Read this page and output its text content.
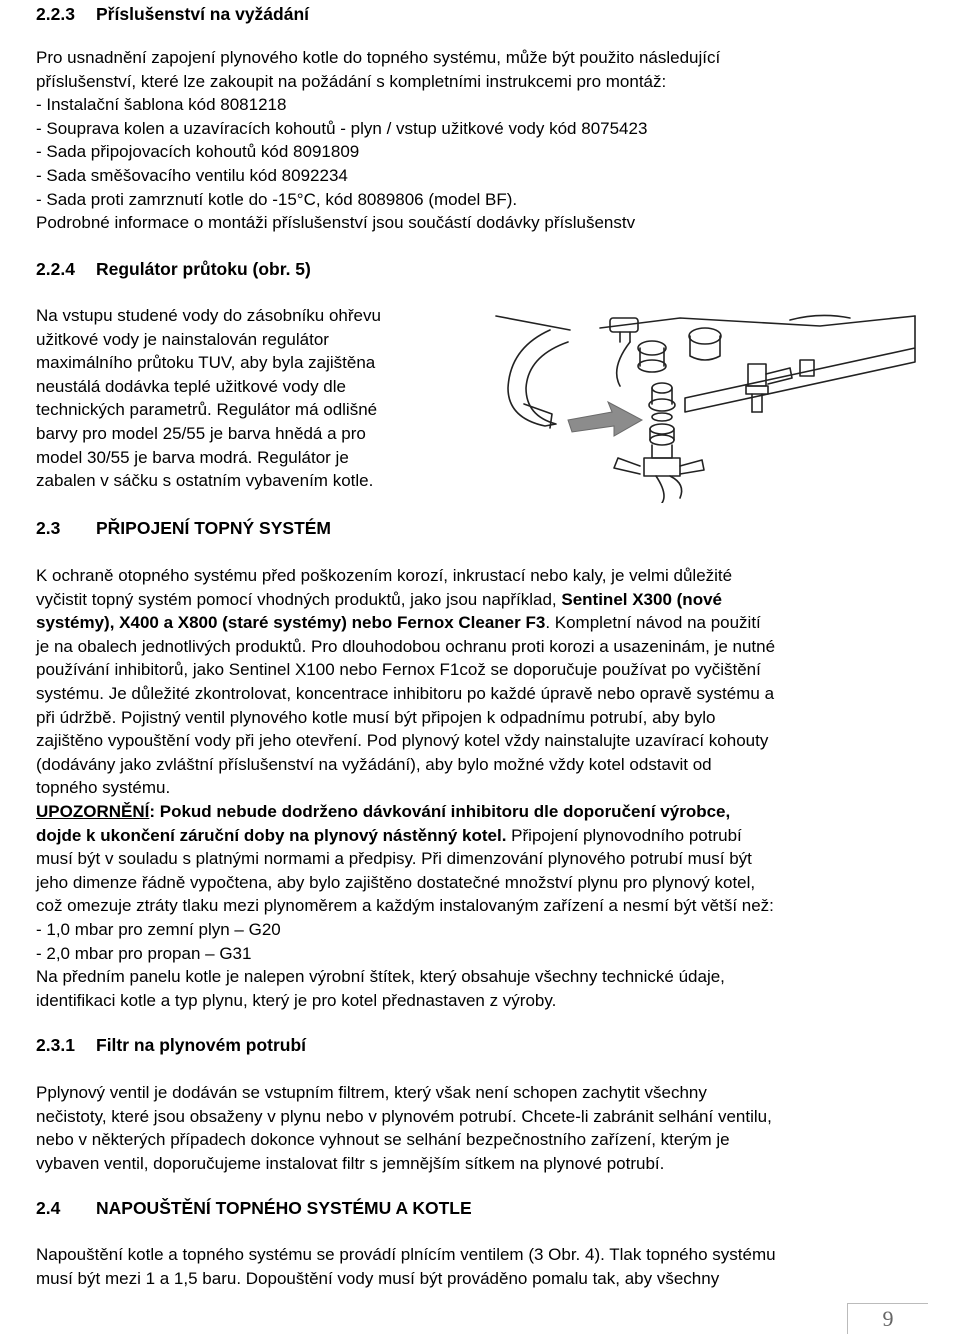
2.2.3 Příslušenství na vyžádání
Pro usnadnění zapojení plynového kotle do topného systému, může být použito následující
příslušenství, které lze zakoupit na požádání s kompletními instrukcemi pro montáž:
- Instalační šablona kód 8081218
- Souprava kolen a uzavíracích kohoutů - plyn / vstup užitkové vody kód 8075423
- Sada připojovacích kohoutů kód 8091809
- Sada směšovacího ventilu kód 8092234
- Sada proti zamrznutí kotle do -15°C, kód 8089806 (model BF).
Podrobné informace o montáži příslušenství jsou součástí dodávky příslušenstv
2.2.4 Regulátor průtoku (obr. 5)
Na vstupu studené vody do zásobníku ohřevu
užitkové vody je nainstalován regulátor
maximálního průtoku TUV, aby byla zajištěna
neustálá dodávka teplé užitkové vody dle
technických parametrů. Regulátor má odlišné
barvy pro model 25/55 je barva hnědá a pro
model 30/55 je barva modrá. Regulátor je
zabalen v sáčku s ostatním vybavením kotle.
2.3 PŘIPOJENÍ TOPNÝ SYSTÉM
K ochraně otopného systému před poškozením korozí, inkrustací nebo kaly, je velmi důležité
vyčistit topný systém pomocí vhodných produktů, jako jsou například, Sentinel X300 (nové
systémy), X400 a X800 (staré systémy) nebo Fernox Cleaner F3. Kompletní návod na použití
je na obalech jednotlivých produktů. Pro dlouhodobou ochranu proti korozi a usazeninám, je nutné
používání inhibitorů, jako Sentinel X100 nebo Fernox F1což se doporučuje používat po vyčištění
systému. Je důležité zkontrolovat, koncentrace inhibitoru po každé úpravě nebo opravě systému a
při údržbě. Pojistný ventil plynového kotle musí být připojen k odpadnímu potrubí, aby bylo
zajištěno vypouštění vody při jeho otevření. Pod plynový kotel vždy nainstalujte uzavírací kohouty
(dodávány jako zvláštní příslušenství na vyžádání), aby bylo možné vždy kotel odstavit od
topného systému.
UPOZORNĚNÍ: Pokud nebude dodrženo dávkování inhibitoru dle doporučení výrobce,
dojde k ukončení záruční doby na plynový nástěnný kotel. Připojení plynovodního potrubí
musí být v souladu s platnými normami a předpisy. Při dimenzování plynového potrubí musí být
jeho dimenze řádně vypočtena, aby bylo zajištěno dostatečné množství plynu pro plynový kotel,
což omezuje ztráty tlaku mezi plynoměrem a každým instalovaným zařízení a nesmí být větší než:
- 1,0 mbar pro zemní plyn – G20
- 2,0 mbar pro propan – G31
Na předním panelu kotle je nalepen výrobní štítek, který obsahuje všechny technické údaje,
identifikaci kotle a typ plynu, který je pro kotel přednastaven z výroby.
2.3.1 Filtr na plynovém potrubí
Pplynový ventil je dodáván se vstupním filtrem, který však není schopen zachytit všechny
nečistoty, které jsou obsaženy v plynu nebo v plynovém potrubí. Chcete-li zabránit selhání ventilu,
nebo v některých případech dokonce vyhnout se selhání bezpečnostního zařízení, kterým je
vybaven ventil, doporučujeme instalovat filtr s jemnějším sítkem na plynové potrubí.
2.4 NAPOUŠTĚNÍ TOPNÉHO SYSTÉMU A KOTLE
Napouštění kotle a topného systému se provádí plnícím ventilem (3 Obr. 4). Tlak topného systému
musí být mezi 1 a 1,5 baru. Dopouštění vody musí být prováděno pomalu tak, aby všechny
9
